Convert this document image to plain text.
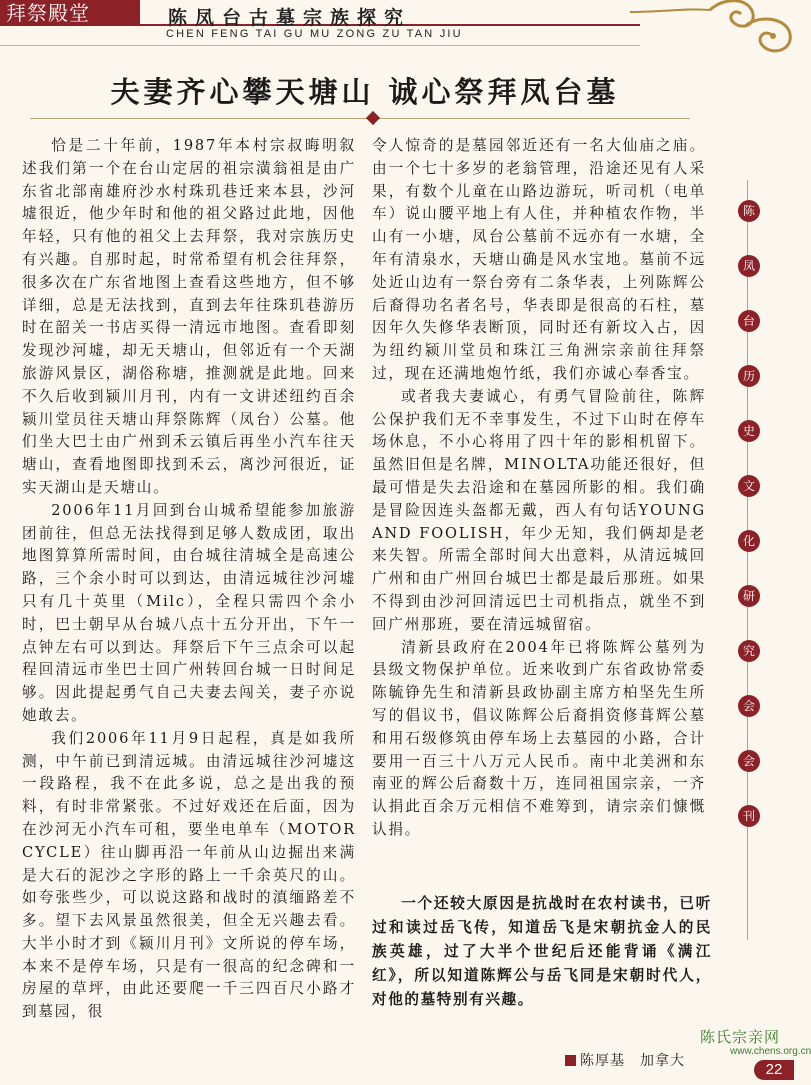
拜祭殿堂	陈凤台古墓宗族探究
CHEN FENG TAI GU MU ZONG ZU TAN JIU
夫妻齐心攀天塘山 诚心祭拜凤台墓

恰是二十年前，1987年本村宗叔晦明叙述我们第一个在台山定居的祖宗潢翁祖是由广东省北部南雄府沙水村珠玑巷迁来本县，沙河墟很近，他少年时和他的祖父路过此地，因他年轻，只有他的祖父上去拜祭，我对宗族历史有兴趣。自那时起，时常希望有机会往拜祭，很多次在广东省地图上查看这些地方，但不够详细，总是无法找到，直到去年往珠玑巷游历时在韶关一书店买得一清远市地图。查看即刻发现沙河墟，却无天塘山，但邻近有一个天湖旅游风景区，湖俗称塘，推测就是此地。回来不久后收到颍川月刊，内有一文讲述纽约百余颍川堂员往天塘山拜祭陈辉（凤台）公墓。他们坐大巴士由广州到禾云镇后再坐小汽车往天塘山，查看地图即找到禾云，离沙河很近，证实天湖山是天塘山。

2006年11月回到台山城希望能参加旅游团前往，但总无法找得到足够人数成团，取出地图算算所需时间，由台城往清城全是高速公路，三个余小时可以到达，由清远城往沙河墟只有几十英里（Milc），全程只需四个余小时，巴士朝早从台城八点十五分开出，下午一点钟左右可以到达。拜祭后下午三点余可以起程回清远市坐巴士回广州转回台城一日时间足够。因此提起勇气自己夫妻去闯关，妻子亦说她敢去。

我们2006年11月9日起程，真是如我所测，中午前已到清远城。由清远城往沙河墟这一段路程，我不在此多说，总之是出我的预料，有时非常紧张。不过好戏还在后面，因为在沙河无小汽车可租，要坐电单车（MOTORCYCLE）往山脚再沿一年前从山边掘出来满是大石的泥沙之字形的路上一千余英尺的山。如夸张些少，可以说这路和战时的滇缅路差不多。望下去风景虽然很美，但全无兴趣去看。大半小时才到《颍川月刊》文所说的停车场，本来不是停车场，只是有一很高的纪念碑和一房屋的草坪，由此还要爬一千三四百尺小路才到墓园，很

令人惊奇的是墓园邻近还有一名大仙庙之庙。由一个七十多岁的老翁管理，沿途还见有人采果，有数个儿童在山路边游玩，听司机（电单车）说山腰平地上有人住，并种植农作物，半山有一小塘，凤台公墓前不远亦有一水塘，全年有清泉水，天塘山确是风水宝地。墓前不远处近山边有一祭台旁有二条华表，上列陈辉公后裔得功名者名号，华表即是很高的石柱，墓因年久失修华表断顶，同时还有新坟入占，因为纽约颍川堂员和珠江三角洲宗亲前往拜祭过，现在还满地炮竹纸，我们亦诚心奉香宝。

或者我夫妻诚心，有勇气冒险前往，陈辉公保护我们无不幸事发生，不过下山时在停车场休息，不小心将用了四十年的影相机留下。虽然旧但是名牌，MINOLTA功能还很好，但最可惜是失去沿途和在墓园所影的相。我们确是冒险因连头盔都无戴，西人有句话YOUNG AND FOOLISH，年少无知，我们俩却是老来失智。所需全部时间大出意料，从清远城回广州和由广州回台城巴士都是最后那班。如果不得到由沙河回清远巴士司机指点，就坐不到回广州那班，要在清远城留宿。

清新县政府在2004年已将陈辉公墓列为县级文物保护单位。近来收到广东省政协常委陈毓铮先生和清新县政协副主席方柏坚先生所写的倡议书，倡议陈辉公后裔捐资修葺辉公墓和用石级修筑由停车场上去墓园的小路，合计要用一百三十八万元人民币。南中北美洲和东南亚的辉公后裔数十万，连同祖国宗亲，一齐认捐此百余万元相信不难筹到，请宗亲们慷慨认捐。

一个还较大原因是抗战时在农村读书，已听过和读过岳飞传，知道岳飞是宋朝抗金人的民族英雄，过了大半个世纪后还能背诵《满江红》，所以知道陈辉公与岳飞同是宋朝时代人，对他的墓特别有兴趣。

陈
凤
台
历
史
文
化
研
究
会
会
刊
陈厚基　加拿大
陈氏宗亲网
www.chens.org.cn
22
